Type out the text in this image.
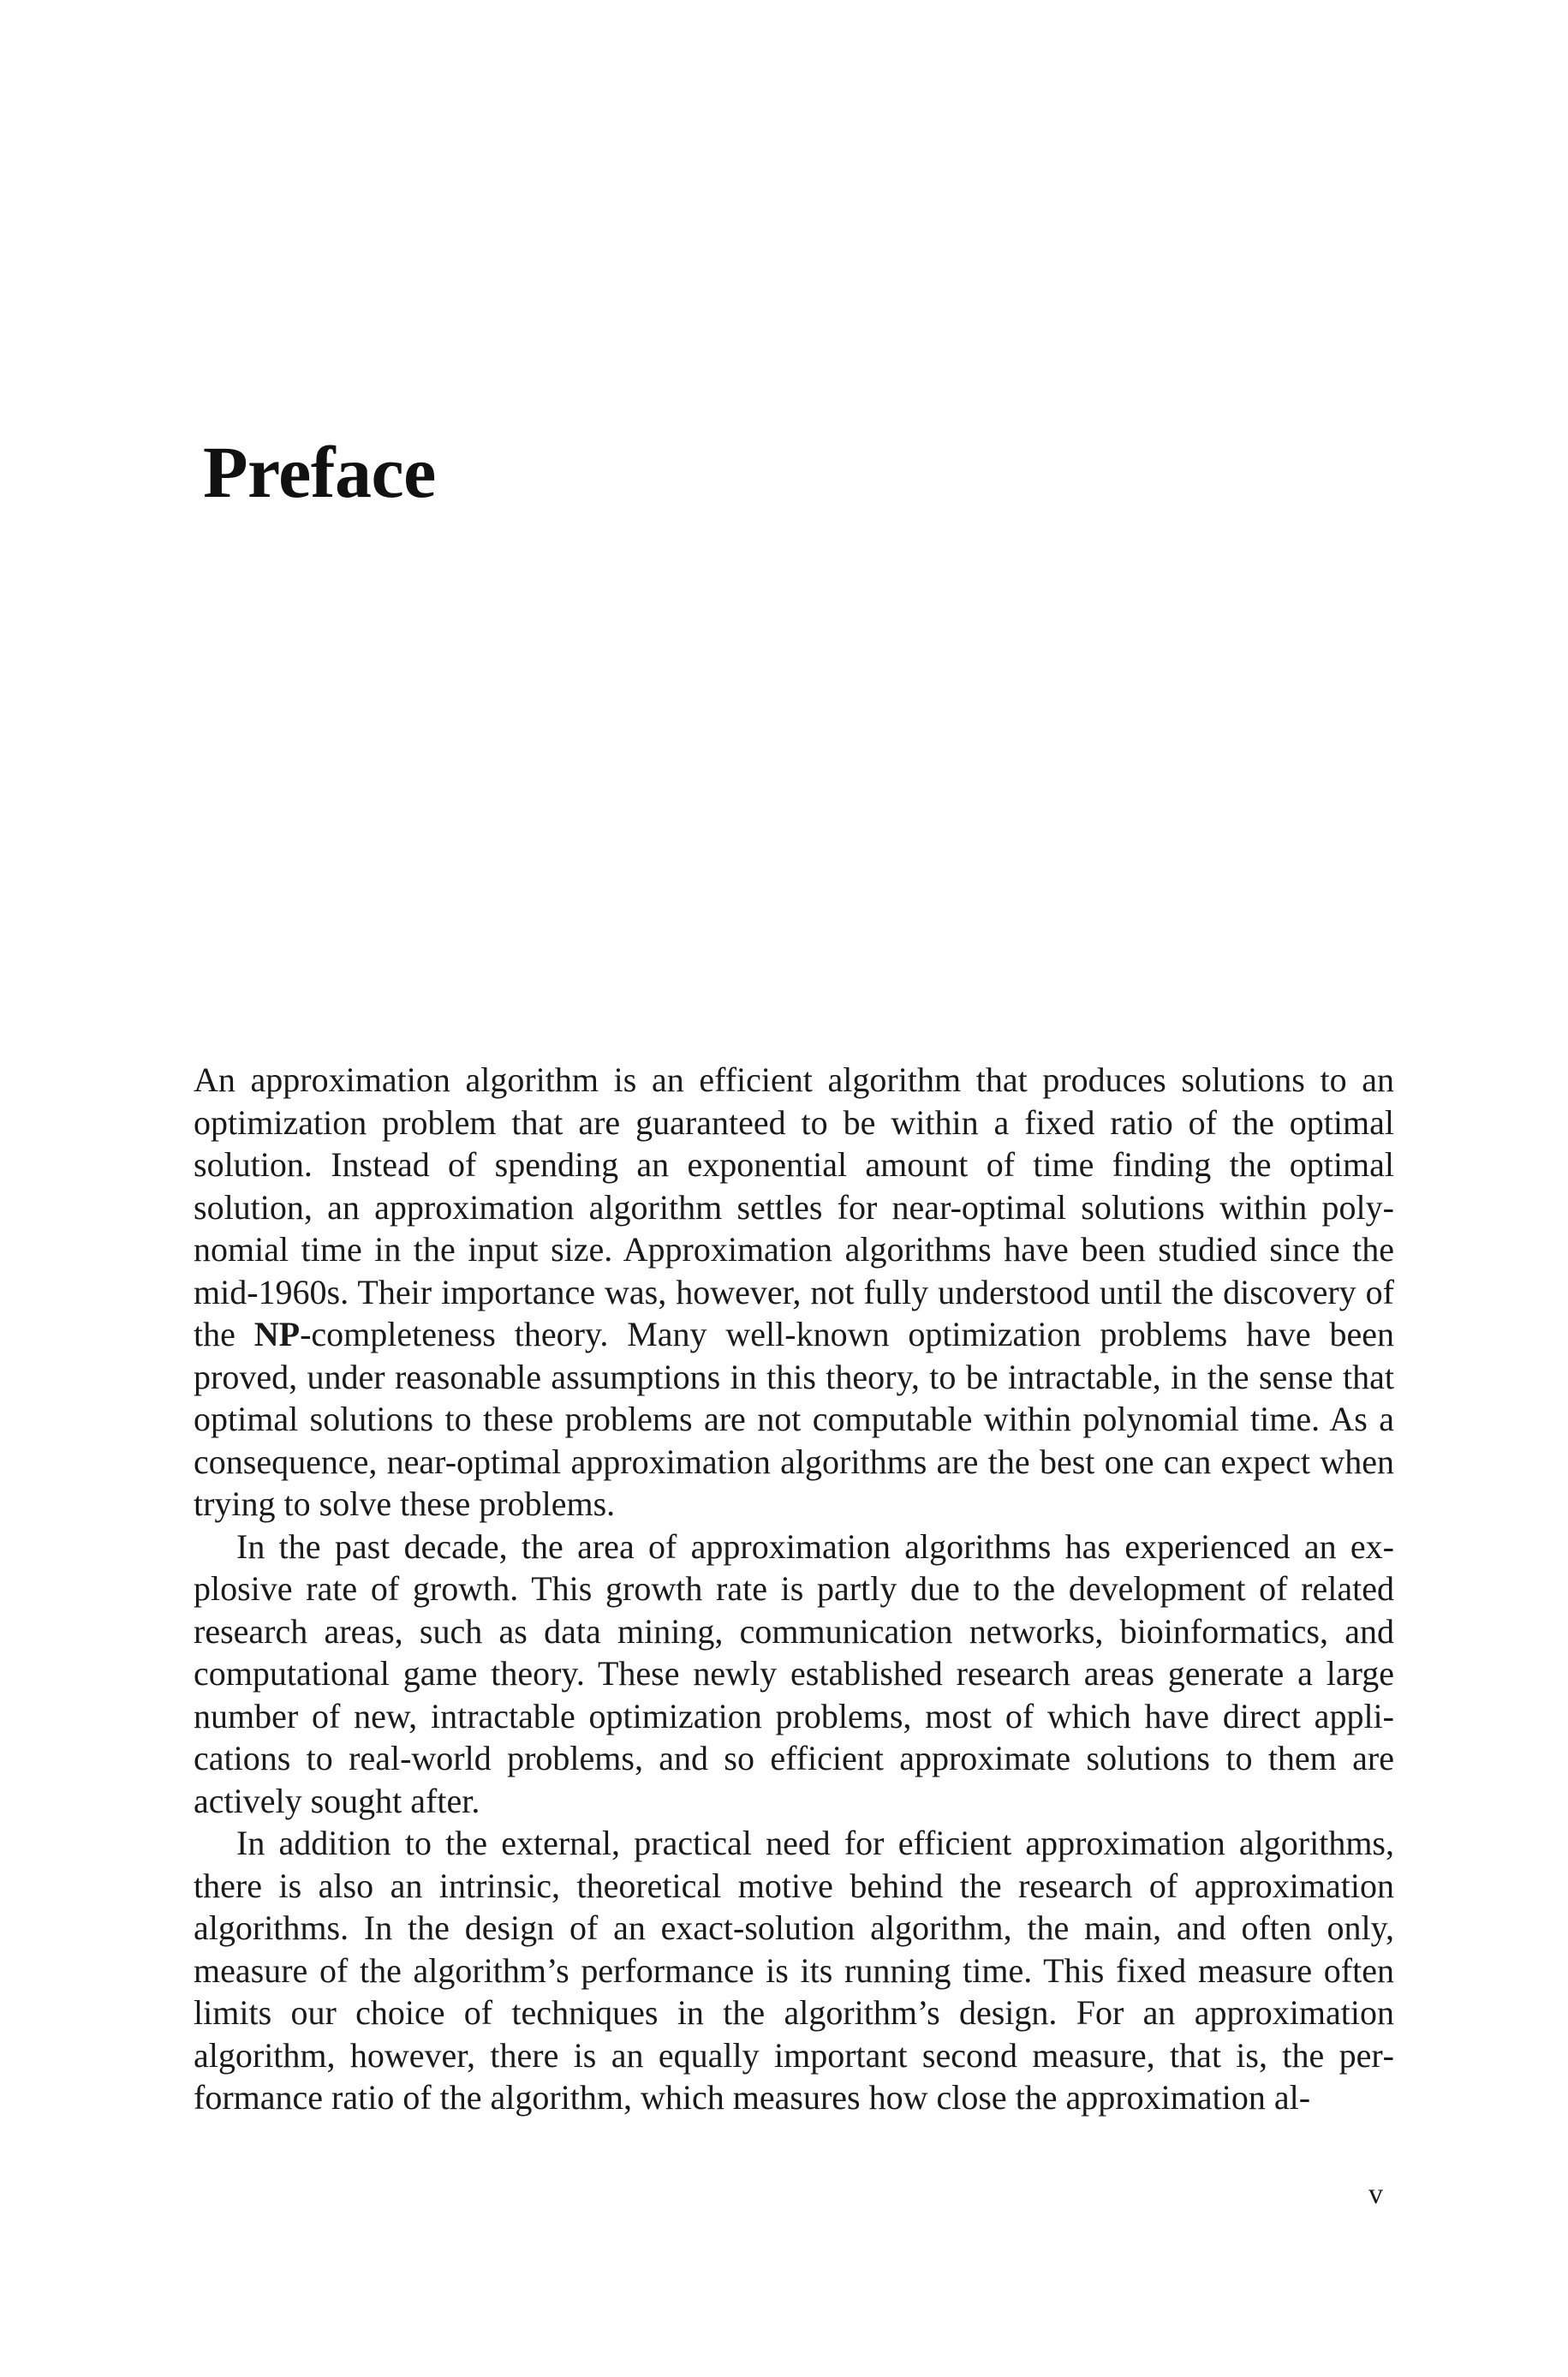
Preface

An approximation algorithm is an efficient algorithm that produces solutions to an optimization problem that are guaranteed to be within a fixed ratio of the optimal solution. Instead of spending an exponential amount of time finding the optimal solution, an approximation algorithm settles for near-optimal solutions within polynomial time in the input size. Approximation algorithms have been studied since the mid-1960s. Their importance was, however, not fully understood until the discovery of the NP-completeness theory. Many well-known optimization problems have been proved, under reasonable assumptions in this theory, to be intractable, in the sense that optimal solutions to these problems are not computable within polynomial time. As a consequence, near-optimal approximation algorithms are the best one can expect when trying to solve these problems.

In the past decade, the area of approximation algorithms has experienced an explosive rate of growth. This growth rate is partly due to the development of related research areas, such as data mining, communication networks, bioinformatics, and computational game theory. These newly established research areas generate a large number of new, intractable optimization problems, most of which have direct applications to real-world problems, and so efficient approximate solutions to them are actively sought after.

In addition to the external, practical need for efficient approximation algorithms, there is also an intrinsic, theoretical motive behind the research of approximation algorithms. In the design of an exact-solution algorithm, the main, and often only, measure of the algorithm’s performance is its running time. This fixed measure often limits our choice of techniques in the algorithm’s design. For an approximation algorithm, however, there is an equally important second measure, that is, the performance ratio of the algorithm, which measures how close the approximation al-

v
